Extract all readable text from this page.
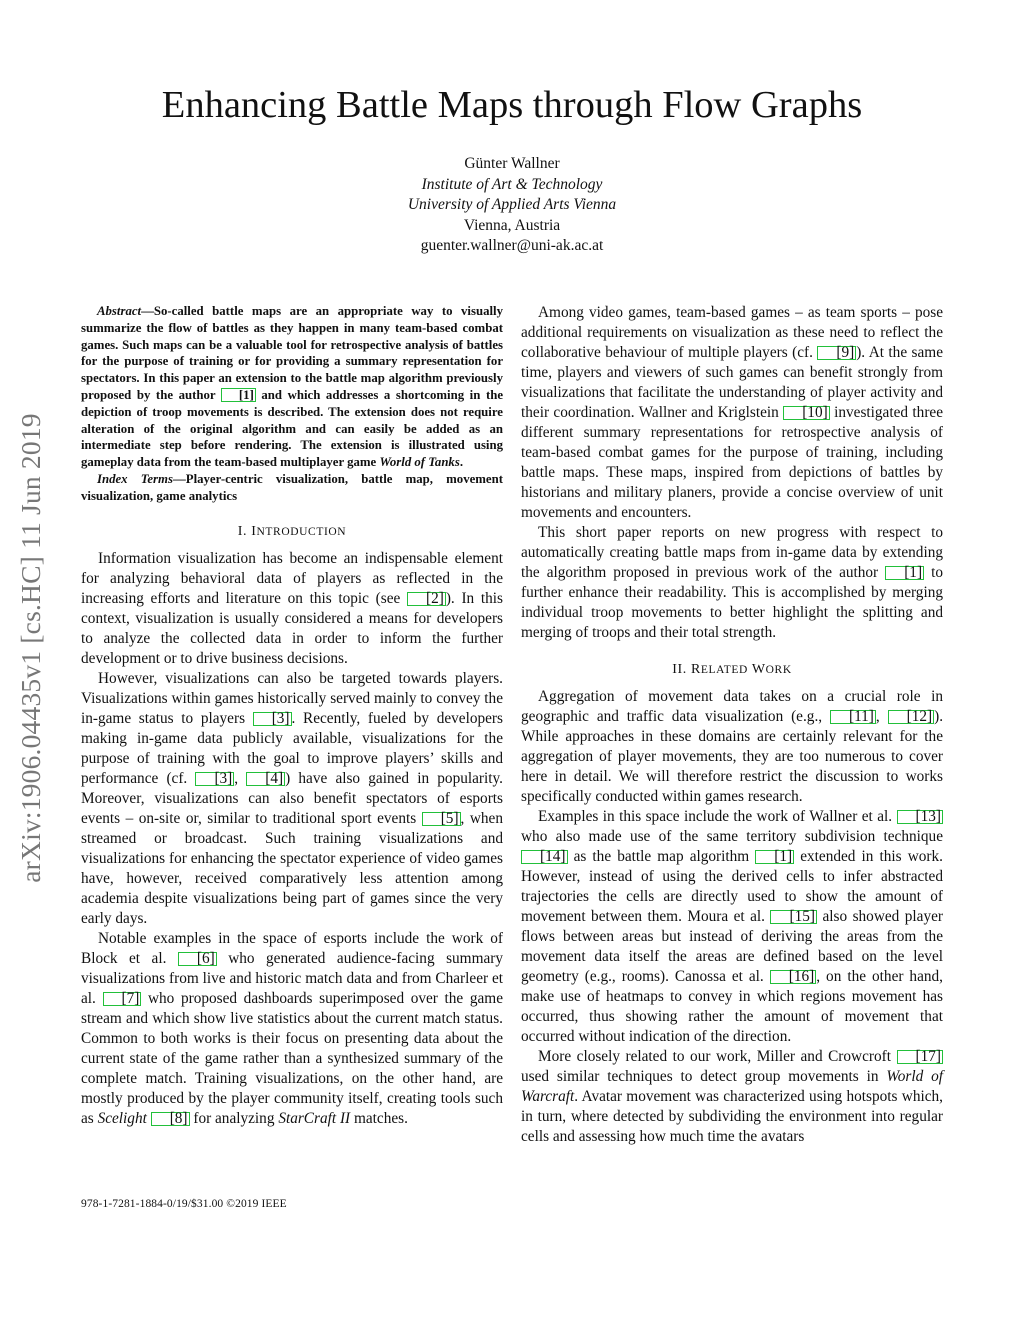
arXiv:1906.04435v1 [cs.HC] 11 Jun 2019
Enhancing Battle Maps through Flow Graphs
Günter Wallner
Institute of Art & Technology
University of Applied Arts Vienna
Vienna, Austria
guenter.wallner@uni-ak.ac.at

Abstract—So-called battle maps are an appropriate way to visually summarize the flow of battles as they happen in many team-based combat games. Such maps can be a valuable tool for retrospective analysis of battles for the purpose of training or for providing a summary representation for spectators. In this paper an extension to the battle map algorithm previously proposed by the author [1] and which addresses a shortcoming in the depiction of troop movements is described. The extension does not require alteration of the original algorithm and can easily be added as an intermediate step before rendering. The extension is illustrated using gameplay data from the team-based multiplayer game World of Tanks.

Index Terms—Player-centric visualization, battle map, movement visualization, game analytics

I. INTRODUCTION

Information visualization has become an indispensable element for analyzing behavioral data of players as reflected in the increasing efforts and literature on this topic (see [2] ). In this context, visualization is usually considered a means for developers to analyze the collected data in order to inform the further development or to drive business decisions.

However, visualizations can also be targeted towards players. Visualizations within games historically served mainly to convey the in-game status to players [3] . Recently, fueled by developers making in-game data publicly available, visualizations for the purpose of training with the goal to improve players’ skills and performance (cf. [3] , [4] ) have also gained in popularity. Moreover, visualizations can also benefit spectators of esports events – on-site or, similar to traditional sport events [5] , when streamed or broadcast. Such training visualizations and visualizations for enhancing the spectator experience of video games have, however, received comparatively less attention among academia despite visualizations being part of games since the very early days.

Notable examples in the space of esports include the work of Block et al. [6] who generated audience-facing summary visualizations from live and historic match data and from Charleer et al. [7] who proposed dashboards superimposed over the game stream and which show live statistics about the current match status. Common to both works is their focus on presenting data about the current state of the game rather than a synthesized summary of the complete match. Training visualizations, on the other hand, are mostly produced by the player community itself, creating tools such as Scelight [8] for analyzing StarCraft II matches.

Among video games, team-based games – as team sports – pose additional requirements on visualization as these need to reflect the collaborative behaviour of multiple players (cf. [9] ). At the same time, players and viewers of such games can benefit strongly from visualizations that facilitate the understanding of player activity and their coordination. Wallner and Kriglstein [10] investigated three different summary representations for retrospective analysis of team-based combat games for the purpose of training, including battle maps. These maps, inspired from depictions of battles by historians and military planers, provide a concise overview of unit movements and encounters.

This short paper reports on new progress with respect to automatically creating battle maps from in-game data by extending the algorithm proposed in previous work of the author [1] to further enhance their readability. This is accomplished by merging individual troop movements to better highlight the splitting and merging of troops and their total strength.

II. RELATED WORK

Aggregation of movement data takes on a crucial role in geographic and traffic data visualization (e.g., [11] , [12] ). While approaches in these domains are certainly relevant for the aggregation of player movements, they are too numerous to cover here in detail. We will therefore restrict the discussion to works specifically conducted within games research.

Examples in this space include the work of Wallner et al. [13] who also made use of the same territory subdivision technique [14] as the battle map algorithm [1] extended in this work. However, instead of using the derived cells to infer abstracted trajectories the cells are directly used to show the amount of movement between them. Moura et al. [15] also showed player flows between areas but instead of deriving the areas from the movement data itself the areas are defined based on the level geometry (e.g., rooms). Canossa et al. [16] , on the other hand, make use of heatmaps to convey in which regions movement has occurred, thus showing rather the amount of movement that occurred without indication of the direction.

More closely related to our work, Miller and Crowcroft [17] used similar techniques to detect group movements in World of Warcraft. Avatar movement was characterized using hotspots which, in turn, where detected by subdividing the environment into regular cells and assessing how much time the avatars

978-1-7281-1884-0/19/$31.00 ©2019 IEEE
